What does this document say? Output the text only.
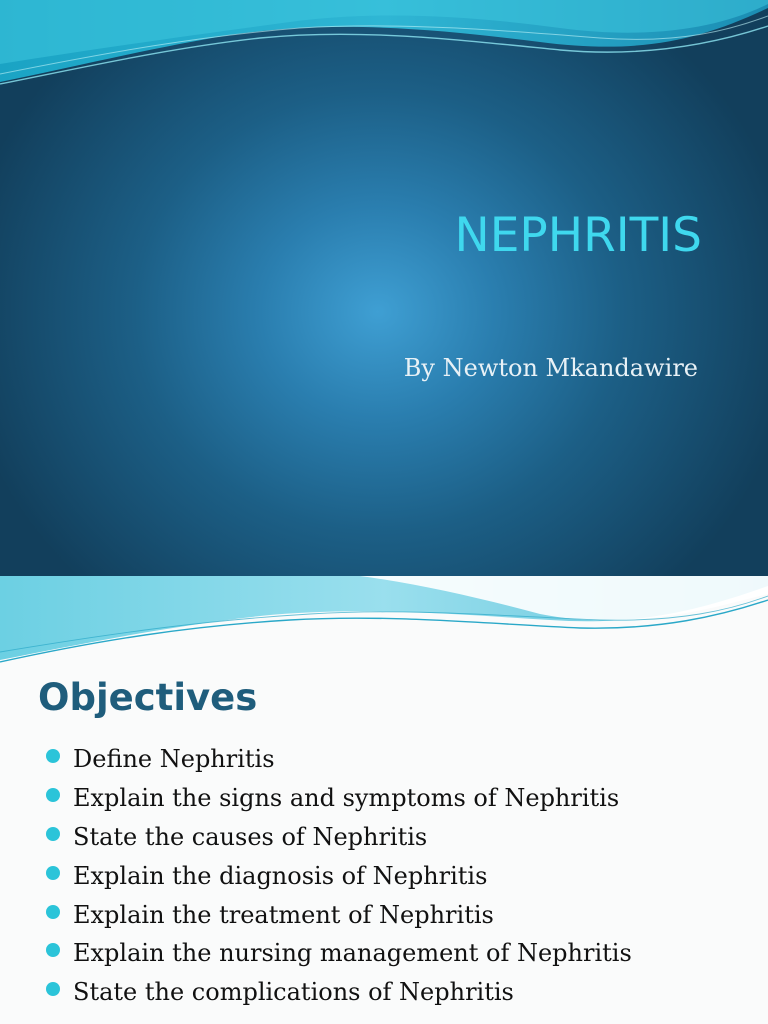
NEPHRITIS

By Newton Mkandawire

Objectives
Define Nephritis
Explain the signs and symptoms of Nephritis
State the causes of Nephritis
Explain the diagnosis of Nephritis
Explain the treatment of Nephritis
Explain the nursing management of Nephritis
State the complications of Nephritis
